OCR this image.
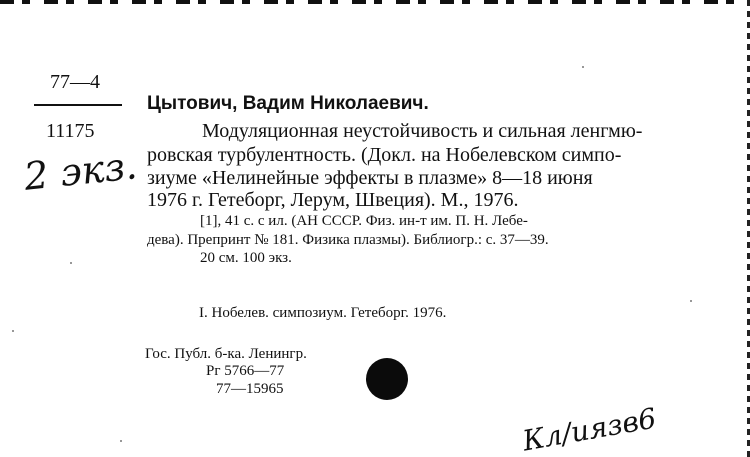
77—4
11175
2 экз.
Цытович, Вадим Николаевич.
Модуляционная неустойчивость и сильная ленгмю-
ровская турбулентность. (Докл. на Нобелевском симпо-
зиуме «Нелинейные эффекты в плазме» 8—18 июня
1976 г. Гетеборг, Лерум, Швеция). М., 1976.
[1], 41 с. с ил. (АН СССР. Физ. ин-т им. П. Н. Лебе-
дева). Препринт № 181. Физика плазмы). Библиогр.: с. 37—39.
20 см. 100 экз.
I. Нобелев. симпозиум. Гетеборг. 1976.
Гос. Публ. б-ка. Ленингр.
Рг 5766—77
77—15965
Кл/иязв6
